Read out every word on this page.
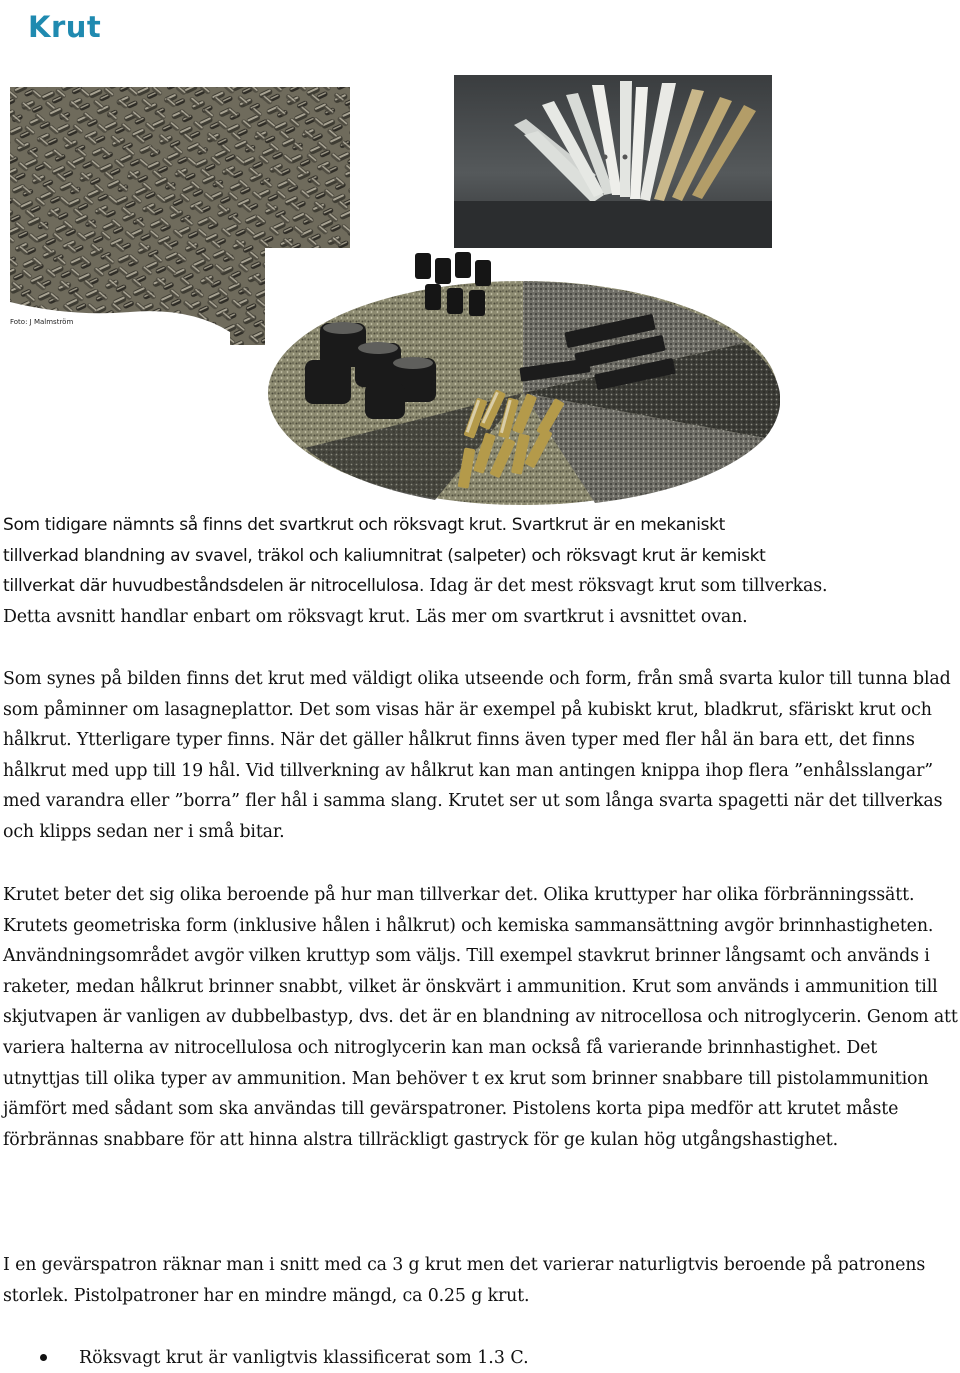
Krut
Foto: J Malmström
Som tidigare nämnts så finns det svartkrut och röksvagt krut. Svartkrut är en mekaniskt
tillverkad blandning av svavel, träkol och kaliumnitrat (salpeter) och röksvagt krut är kemiskt
tillverkat där huvudbeståndsdelen är nitrocellulosa. Idag är det mest röksvagt krut som tillverkas.
Detta avsnitt handlar enbart om röksvagt krut. Läs mer om svartkrut i avsnittet ovan.

Som synes på bilden finns det krut med väldigt olika utseende och form, från små svarta kulor till tunna blad som påminner om lasagneplattor. Det som visas här är exempel på kubiskt krut, bladkrut, sfäriskt krut och hålkrut. Ytterligare typer finns. När det gäller hålkrut finns även typer med fler hål än bara ett, det finns hålkrut med upp till 19 hål. Vid tillverkning av hålkrut kan man antingen knippa ihop flera ”enhålsslangar” med varandra eller ”borra” fler hål i samma slang. Krutet ser ut som långa svarta spagetti när det tillverkas och klipps sedan ner i små bitar.

Krutet beter det sig olika beroende på hur man tillverkar det. Olika kruttyper har olika förbränningssätt. Krutets geometriska form (inklusive hålen i hålkrut) och kemiska sammansättning avgör brinnhastigheten. Användningsområdet avgör vilken kruttyp som väljs. Till exempel stavkrut brinner långsamt och används i raketer, medan hålkrut brinner snabbt, vilket är önskvärt i ammunition. Krut som används i ammunition till skjutvapen är vanligen av dubbelbastyp, dvs. det är en blandning av nitrocellosa och nitroglycerin. Genom att variera halterna av nitrocellulosa och nitroglycerin kan man också få varierande brinnhastighet. Det utnyttjas till olika typer av ammunition. Man behöver t ex krut som brinner snabbare till pistolammunition jämfört med sådant som ska användas till gevärspatroner. Pistolens korta pipa medför att krutet måste förbrännas snabbare för att hinna alstra tillräckligt gastryck för ge kulan hög utgångshastighet.

I en gevärspatron räknar man i snitt med ca 3 g krut men det varierar naturligtvis beroende på patronens storlek. Pistolpatroner har en mindre mängd, ca 0.25 g krut.

Röksvagt krut är vanligtvis klassificerat som 1.3 C.
